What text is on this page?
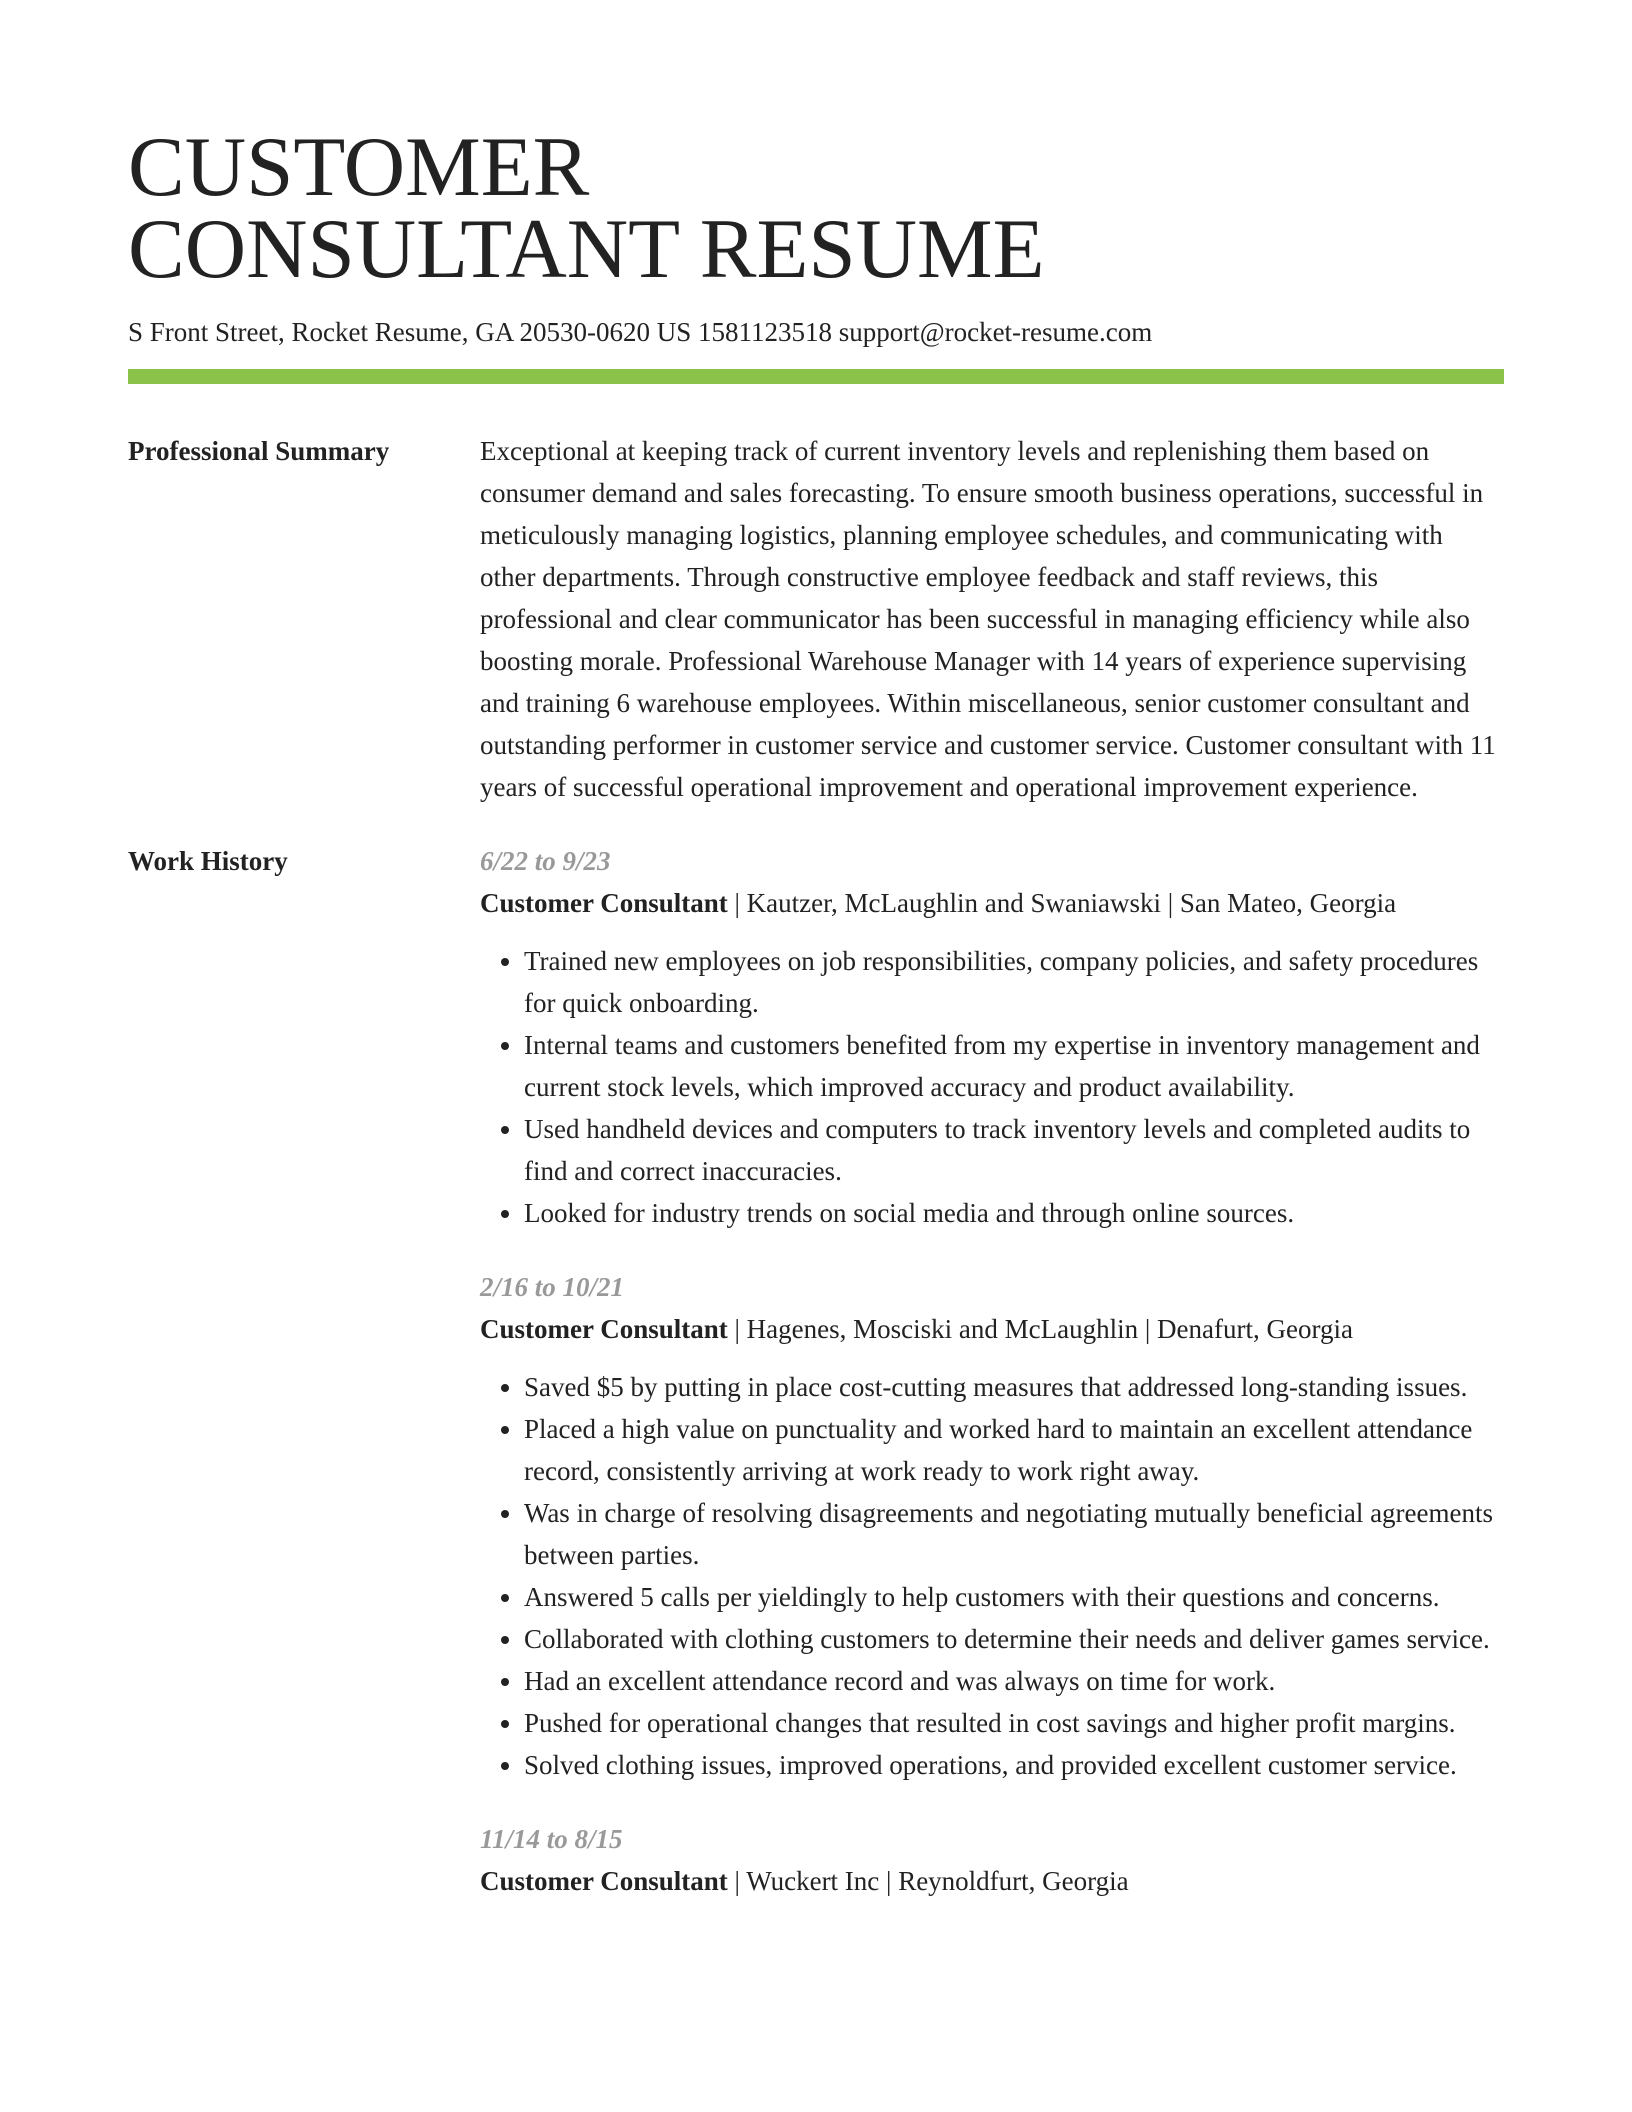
CUSTOMER
CONSULTANT RESUME
S Front Street, Rocket Resume, GA 20530-0620 US 1581123518 support@rocket-resume.com
Professional Summary	Exceptional at keeping track of current inventory levels and replenishing them based on consumer demand and sales forecasting. To ensure smooth business operations, successful in meticulously managing logistics, planning employee schedules, and communicating with other departments. Through constructive employee feedback and staff reviews, this professional and clear communicator has been successful in managing efficiency while also boosting morale. Professional Warehouse Manager with 14 years of experience supervising and training 6 warehouse employees. Within miscellaneous, senior customer consultant and outstanding performer in customer service and customer service. Customer consultant with 11 years of successful operational improvement and operational improvement experience.
Work History	6/22 to 9/23
Customer Consultant | Kautzer, McLaughlin and Swaniawski | San Mateo, Georgia
• Trained new employees on job responsibilities, company policies, and safety procedures for quick onboarding.
• Internal teams and customers benefited from my expertise in inventory management and current stock levels, which improved accuracy and product availability.
• Used handheld devices and computers to track inventory levels and completed audits to find and correct inaccuracies.
• Looked for industry trends on social media and through online sources.
2/16 to 10/21
Customer Consultant | Hagenes, Mosciski and McLaughlin | Denafurt, Georgia
• Saved $5 by putting in place cost-cutting measures that addressed long-standing issues.
• Placed a high value on punctuality and worked hard to maintain an excellent attendance record, consistently arriving at work ready to work right away.
• Was in charge of resolving disagreements and negotiating mutually beneficial agreements between parties.
• Answered 5 calls per yieldingly to help customers with their questions and concerns.
• Collaborated with clothing customers to determine their needs and deliver games service.
• Had an excellent attendance record and was always on time for work.
• Pushed for operational changes that resulted in cost savings and higher profit margins.
• Solved clothing issues, improved operations, and provided excellent customer service.
11/14 to 8/15
Customer Consultant | Wuckert Inc | Reynoldfurt, Georgia
